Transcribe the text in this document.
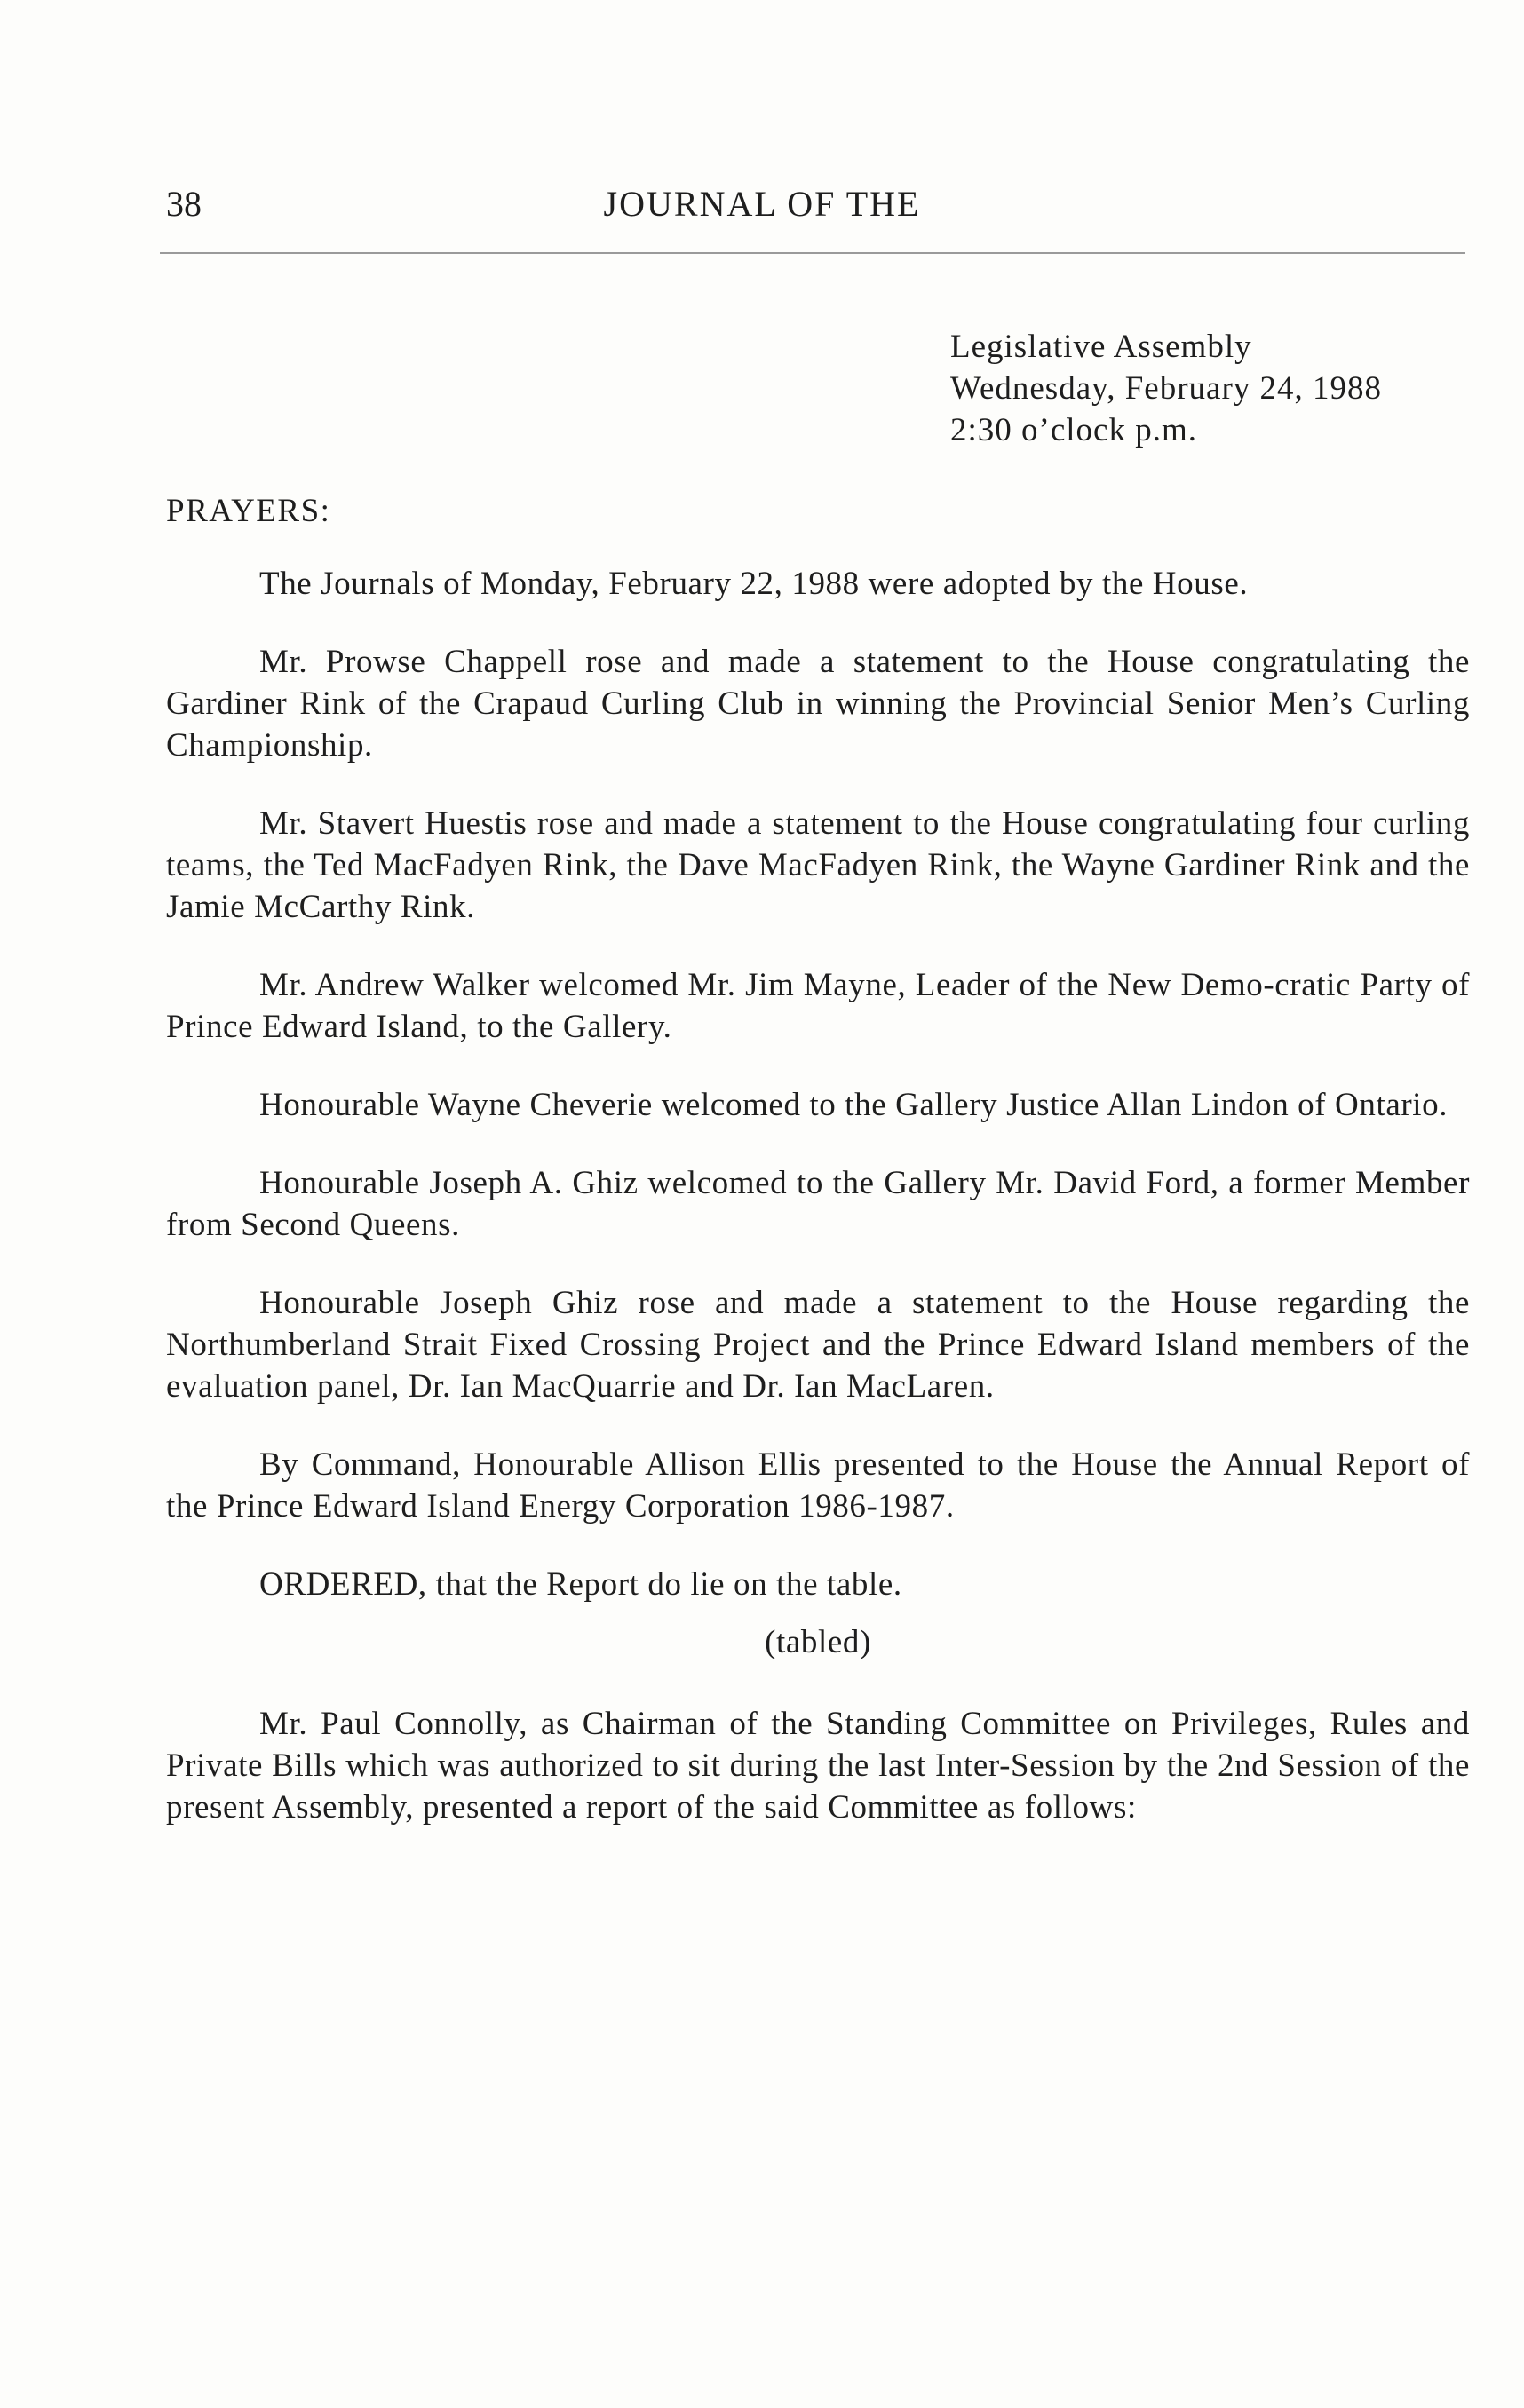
38	JOURNAL OF THE
Legislative Assembly
Wednesday, February 24, 1988
2:30 o’clock p.m.
PRAYERS:

The Journals of Monday, February 22, 1988 were adopted by the House.

Mr. Prowse Chappell rose and made a statement to the House congratulating the Gardiner Rink of the Crapaud Curling Club in winning the Provincial Senior Men’s Curling Championship.

Mr. Stavert Huestis rose and made a statement to the House congratulating four curling teams, the Ted MacFadyen Rink, the Dave MacFadyen Rink, the Wayne Gardiner Rink and the Jamie McCarthy Rink.

Mr. Andrew Walker welcomed Mr. Jim Mayne, Leader of the New Demo-cratic Party of Prince Edward Island, to the Gallery.

Honourable Wayne Cheverie welcomed to the Gallery Justice Allan Lindon of Ontario.

Honourable Joseph A. Ghiz welcomed to the Gallery Mr. David Ford, a former Member from Second Queens.

Honourable Joseph Ghiz rose and made a statement to the House regarding the Northumberland Strait Fixed Crossing Project and the Prince Edward Island members of the evaluation panel, Dr. Ian MacQuarrie and Dr. Ian MacLaren.

By Command, Honourable Allison Ellis presented to the House the Annual Report of the Prince Edward Island Energy Corporation 1986-1987.

ORDERED, that the Report do lie on the table.

(tabled)

Mr. Paul Connolly, as Chairman of the Standing Committee on Privileges, Rules and Private Bills which was authorized to sit during the last Inter-Session by the 2nd Session of the present Assembly, presented a report of the said Committee as follows:
